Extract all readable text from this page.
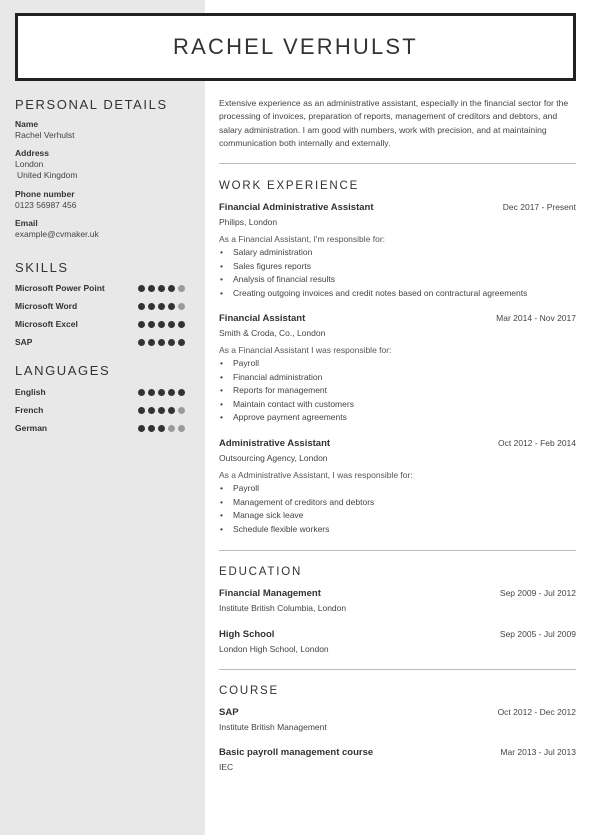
RACHEL VERHULST
PERSONAL DETAILS
Name
Rachel Verhulst
Address
London
United Kingdom
Phone number
0123 56987 456
Email
example@cvmaker.uk
SKILLS
Microsoft Power Point
Microsoft Word
Microsoft Excel
SAP
LANGUAGES
English
French
German

Extensive experience as an administrative assistant, especially in the financial sector for the processing of invoices, preparation of reports, management of creditors and debtors, and salary administration. I am good with numbers, work with precision, and at maintaining communication both internally and externally.

WORK EXPERIENCE
Financial Administrative Assistant	Dec 2017 - Present
Philips, London
As a Financial Assistant, I'm responsible for:
• Salary administration
• Sales figures reports
• Analysis of financial results
• Creating outgoing invoices and credit notes based on contractural agreements
Financial Assistant	Mar 2014 - Nov 2017
Smith & Croda, Co., London
As a Financial Assistant I was responsible for:
• Payroll
• Financial administration
• Reports for management
• Maintain contact with customers
• Approve payment agreements
Administrative Assistant	Oct 2012 - Feb 2014
Outsourcing Agency, London
As a Administrative Assistant, I was responsible for:
• Payroll
• Management of creditors and debtors
• Manage sick leave
• Schedule flexible workers
EDUCATION
Financial Management	Sep 2009 - Jul 2012
Institute British Columbia, London
High School	Sep 2005 - Jul 2009
London High School, London
COURSE
SAP	Oct 2012 - Dec 2012
Institute British Management
Basic payroll management course	Mar 2013 - Jul 2013
IEC
